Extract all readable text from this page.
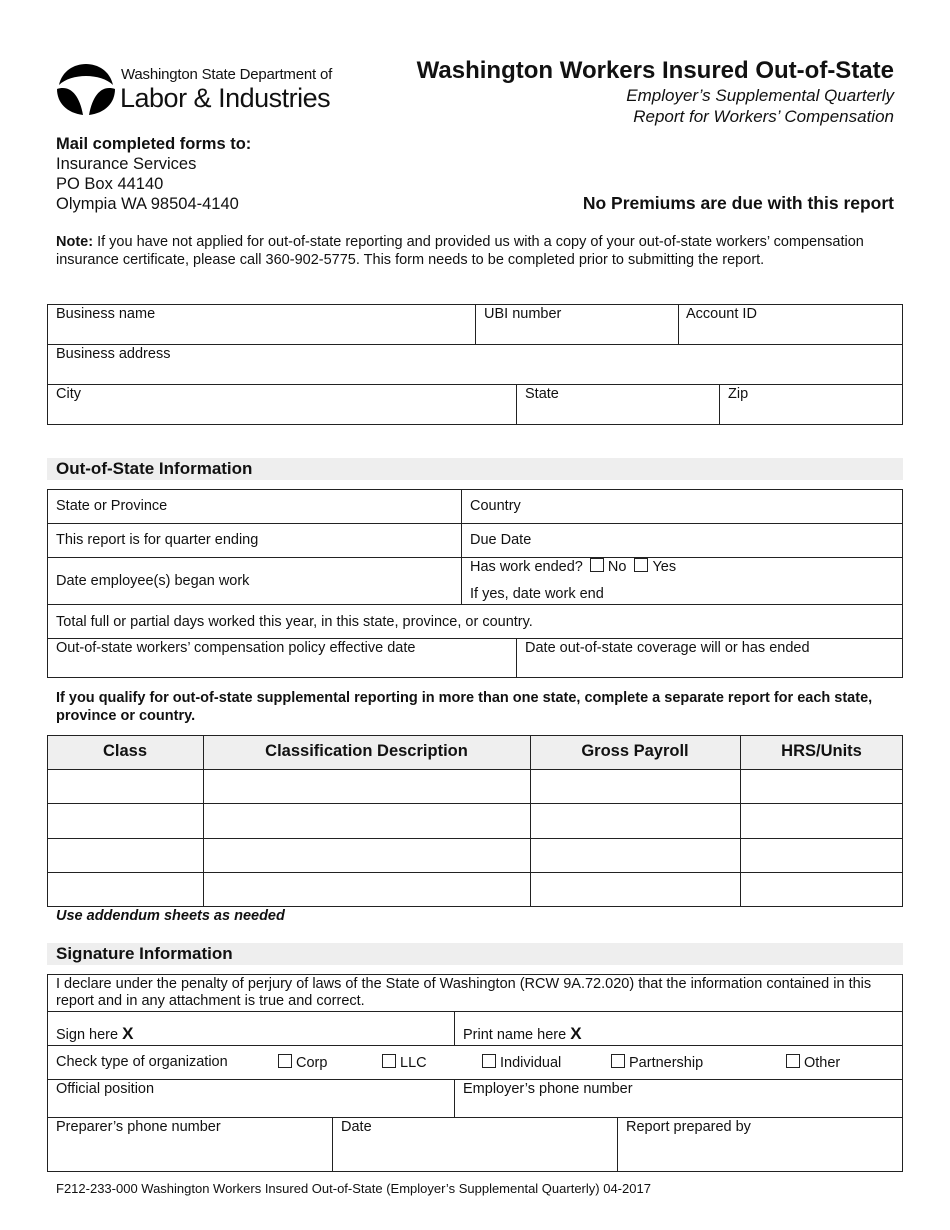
Washington State Department of
Labor & Industries
Washington Workers Insured Out-of-State
Employer’s Supplemental Quarterly
Report for Workers’ Compensation
Mail completed forms to:
Insurance Services
PO Box 44140
Olympia WA 98504-4140	No Premiums are due with this report
Note: If you have not applied for out-of-state reporting and provided us with a copy of your out-of-state workers’ compensation insurance certificate, please call 360-902-5775. This form needs to be completed prior to submitting the report.
Business name	UBI number	Account ID
Business address
City	State	Zip
Out-of-State Information
State or Province	Country
This report is for quarter ending	Due Date
Date employee(s) began work
Has work ended? No Yes
If yes, date work end
Total full or partial days worked this year, in this state, province, or country.
Out-of-state workers’ compensation policy effective date	Date out-of-state coverage will or has ended
If you qualify for out-of-state supplemental reporting in more than one state, complete a separate report for each state, province or country.
Class	Classification Description	Gross Payroll	HRS/Units
Use addendum sheets as needed
Signature Information
I declare under the penalty of perjury of laws of the State of Washington (RCW 9A.72.020) that the information contained in this report and in any attachment is true and correct.
Sign here X	Print name here X
Check type of organization	Corp	LLC	Individual	Partnership	Other
Official position	Employer’s phone number
Preparer’s phone number	Date	Report prepared by
F212-233-000 Washington Workers Insured Out-of-State (Employer’s Supplemental Quarterly) 04-2017
